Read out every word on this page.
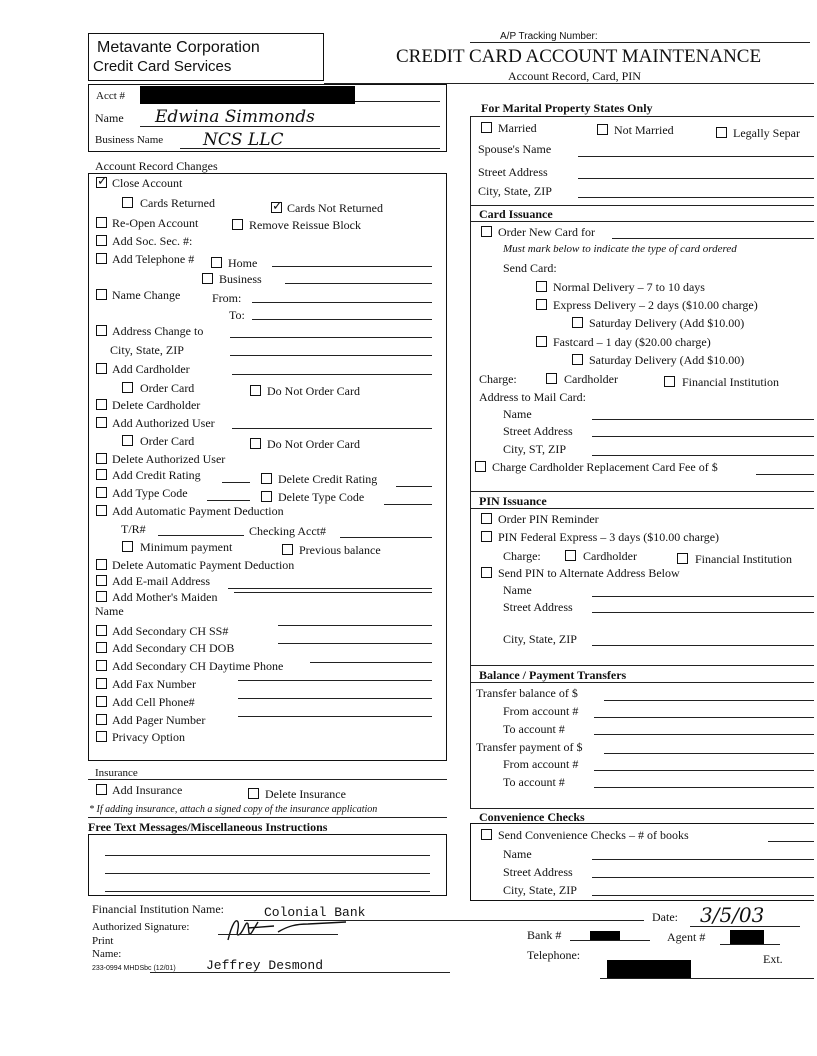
A/P Tracking Number:
Metavante Corporation
Credit Card Services	CREDIT CARD ACCOUNT MAINTENANCE
Account Record, Card, PIN
Acct #
Name Edwina Simmonds
Business Name NCS LLC
Account Record Changes
✓
Close Account
Cards Returned
✓	Cards Not Returned
Re-Open Account	Remove Reissue Block
Add Soc. Sec. #:
Add Telephone #	Home
Business
Name Change	From:
To:
Address Change to
City, State, ZIP
Add Cardholder
Order Card	Do Not Order Card
Delete Cardholder
Add Authorized User
Order Card	Do Not Order Card
Delete Authorized User
Add Credit Rating	Delete Credit Rating
Add Type Code	Delete Type Code
Add Automatic Payment Deduction
T/R#	Checking Acct#
Minimum payment	Previous balance
Delete Automatic Payment Deduction
Add E-mail Address
Add Mother's Maiden
Name
Add Secondary CH SS#
Add Secondary CH DOB
Add Secondary CH Daytime Phone
Add Fax Number
Add Cell Phone#
Add Pager Number
Privacy Option
Insurance
Add Insurance	Delete Insurance
* If adding insurance, attach a signed copy of the insurance application
Free Text Messages/Miscellaneous Instructions
For Marital Property States Only
Married	Not Married	Legally Separ
Spouse's Name
Street Address
City, State, ZIP
Card Issuance
Order New Card for
Must mark below to indicate the type of card ordered
Send Card:
Normal Delivery – 7 to 10 days
Express Delivery – 2 days ($10.00 charge)
Saturday Delivery (Add $10.00)
Fastcard – 1 day ($20.00 charge)
Saturday Delivery (Add $10.00)
Charge:	Cardholder	Financial Institution
Address to Mail Card:
Name
Street Address
City, ST, ZIP
Charge Cardholder Replacement Card Fee of $
PIN Issuance
Order PIN Reminder
PIN Federal Express – 3 days ($10.00 charge)
Charge:	Cardholder	Financial Institution
Send PIN to Alternate Address Below
Name
Street Address
City, State, ZIP
Balance / Payment Transfers
Transfer balance of $
From account #
To account #
Transfer payment of $
From account #
To account #
Convenience Checks
Send Convenience Checks – # of books
Name
Street Address
City, State, ZIP
Financial Institution Name:	Colonial Bank	Date: 3/5/03
Authorized Signature:
Bank #	Agent #
Print
Name:
Jeffrey Desmond
233-0994 MHDSbc (12/01)
Telephone:	Ext.
